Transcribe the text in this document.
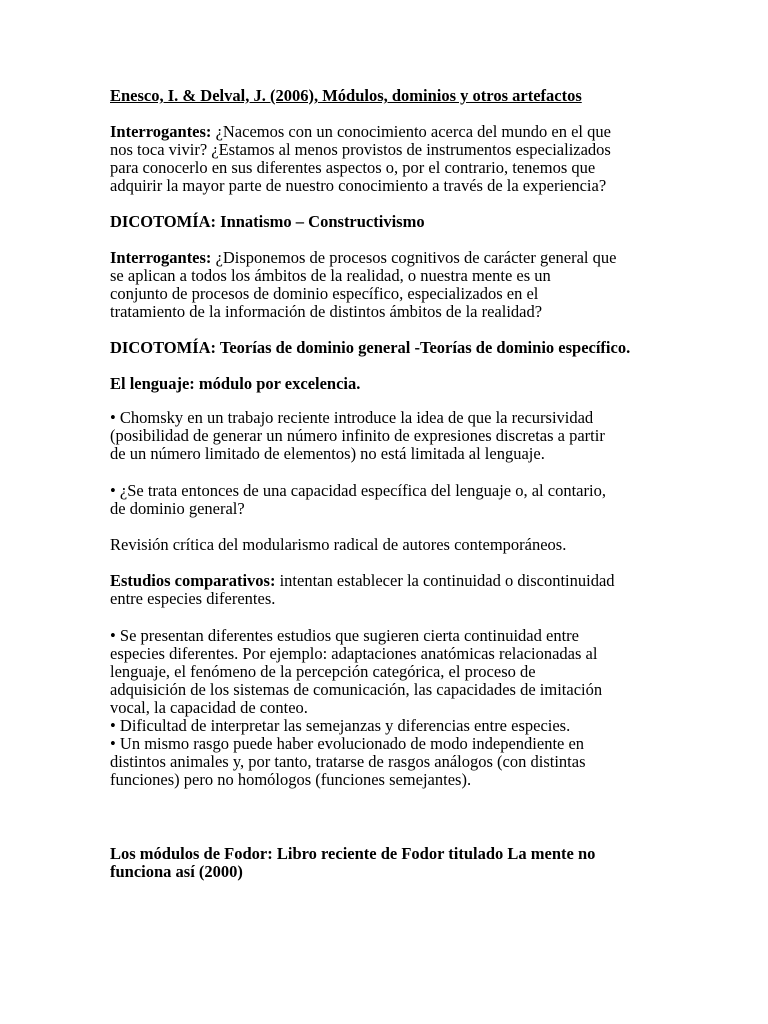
Enesco, I. & Delval, J. (2006), Módulos, dominios y otros artefactos
Interrogantes: ¿Nacemos con un conocimiento acerca del mundo en el que
nos toca vivir? ¿Estamos al menos provistos de instrumentos especializados
para conocerlo en sus diferentes aspectos o, por el contrario, tenemos que
adquirir la mayor parte de nuestro conocimiento a través de la experiencia?
DICOTOMÍA: Innatismo – Constructivismo
Interrogantes: ¿Disponemos de procesos cognitivos de carácter general que
se aplican a todos los ámbitos de la realidad, o nuestra mente es un
conjunto de procesos de dominio específico, especializados en el
tratamiento de la información de distintos ámbitos de la realidad?
DICOTOMÍA: Teorías de dominio general -Teorías de dominio específico.
El lenguaje: módulo por excelencia.
• Chomsky en un trabajo reciente introduce la idea de que la recursividad
(posibilidad de generar un número infinito de expresiones discretas a partir
de un número limitado de elementos) no está limitada al lenguaje.
• ¿Se trata entonces de una capacidad específica del lenguaje o, al contario,
de dominio general?
Revisión crítica del modularismo radical de autores contemporáneos.
Estudios comparativos: intentan establecer la continuidad o discontinuidad
entre especies diferentes.
• Se presentan diferentes estudios que sugieren cierta continuidad entre
especies diferentes. Por ejemplo: adaptaciones anatómicas relacionadas al
lenguaje, el fenómeno de la percepción categórica, el proceso de
adquisición de los sistemas de comunicación, las capacidades de imitación
vocal, la capacidad de conteo.
• Dificultad de interpretar las semejanzas y diferencias entre especies.
• Un mismo rasgo puede haber evolucionado de modo independiente en
distintos animales y, por tanto, tratarse de rasgos análogos (con distintas
funciones) pero no homólogos (funciones semejantes).
Los módulos de Fodor: Libro reciente de Fodor titulado La mente no
funciona así (2000)
